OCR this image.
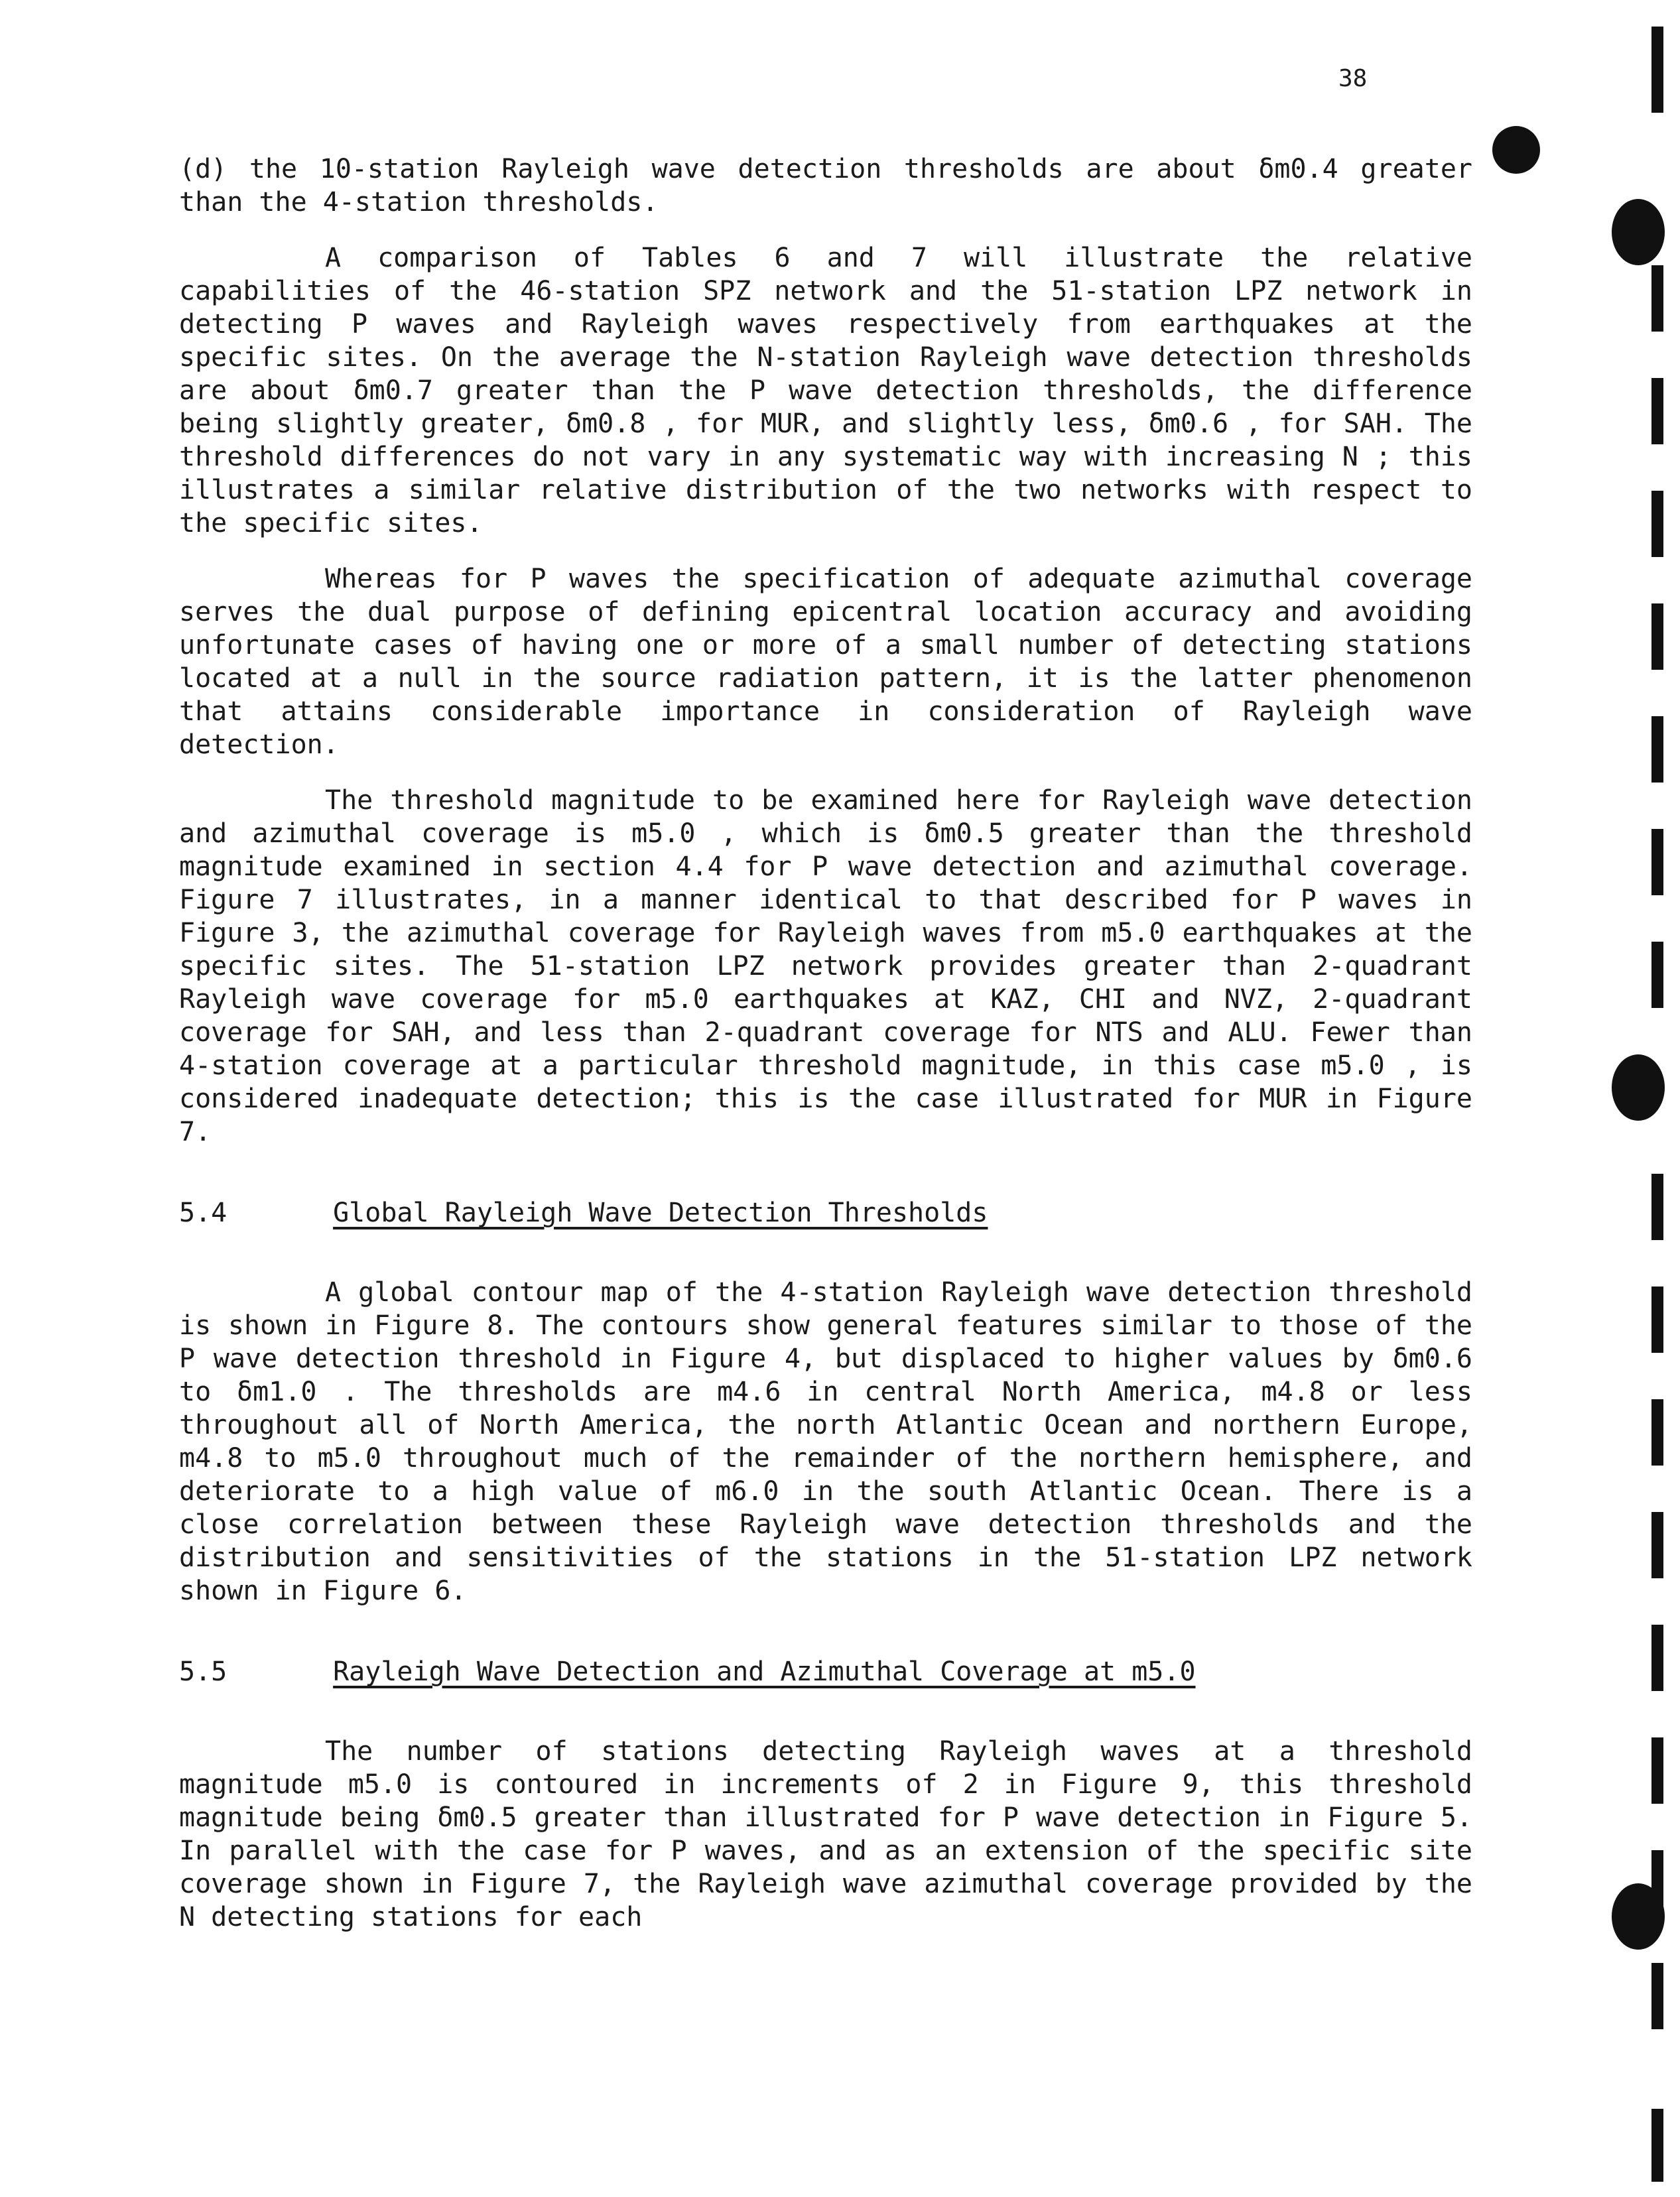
38

(d) the 10-station Rayleigh wave detection thresholds are about δm0.4 greater than the 4-station thresholds.

A comparison of Tables 6 and 7 will illustrate the relative capabilities of the 46-station SPZ network and the 51-station LPZ network in detecting P waves and Rayleigh waves respectively from earthquakes at the specific sites. On the average the N-station Rayleigh wave detection thresholds are about δm0.7 greater than the P wave detection thresholds, the difference being slightly greater, δm0.8 , for MUR, and slightly less, δm0.6 , for SAH. The threshold differences do not vary in any systematic way with increasing N ; this illustrates a similar relative distribution of the two networks with respect to the specific sites.

Whereas for P waves the specification of adequate azimuthal coverage serves the dual purpose of defining epicentral location accuracy and avoiding unfortunate cases of having one or more of a small number of detecting stations located at a null in the source radiation pattern, it is the latter phenomenon that attains considerable importance in consideration of Rayleigh wave detection.

The threshold magnitude to be examined here for Rayleigh wave detection and azimuthal coverage is m5.0 , which is δm0.5 greater than the threshold magnitude examined in section 4.4 for P wave detection and azimuthal coverage. Figure 7 illustrates, in a manner identical to that described for P waves in Figure 3, the azimuthal coverage for Rayleigh waves from m5.0 earthquakes at the specific sites. The 51-station LPZ network provides greater than 2-quadrant Rayleigh wave coverage for m5.0 earthquakes at KAZ, CHI and NVZ, 2-quadrant coverage for SAH, and less than 2-quadrant coverage for NTS and ALU. Fewer than 4-station coverage at a particular threshold magnitude, in this case m5.0 , is considered inadequate detection; this is the case illustrated for MUR in Figure 7.

5.4	Global Rayleigh Wave Detection Thresholds

A global contour map of the 4-station Rayleigh wave detection threshold is shown in Figure 8. The contours show general features similar to those of the P wave detection threshold in Figure 4, but displaced to higher values by δm0.6 to δm1.0 . The thresholds are m4.6 in central North America, m4.8 or less throughout all of North America, the north Atlantic Ocean and northern Europe, m4.8 to m5.0 throughout much of the remainder of the northern hemisphere, and deteriorate to a high value of m6.0 in the south Atlantic Ocean. There is a close correlation between these Rayleigh wave detection thresholds and the distribution and sensitivities of the stations in the 51-station LPZ network shown in Figure 6.

5.5	Rayleigh Wave Detection and Azimuthal Coverage at m5.0

The number of stations detecting Rayleigh waves at a threshold magnitude m5.0 is contoured in increments of 2 in Figure 9, this threshold magnitude being δm0.5 greater than illustrated for P wave detection in Figure 5. In parallel with the case for P waves, and as an extension of the specific site coverage shown in Figure 7, the Rayleigh wave azimuthal coverage provided by the N detecting stations for each
